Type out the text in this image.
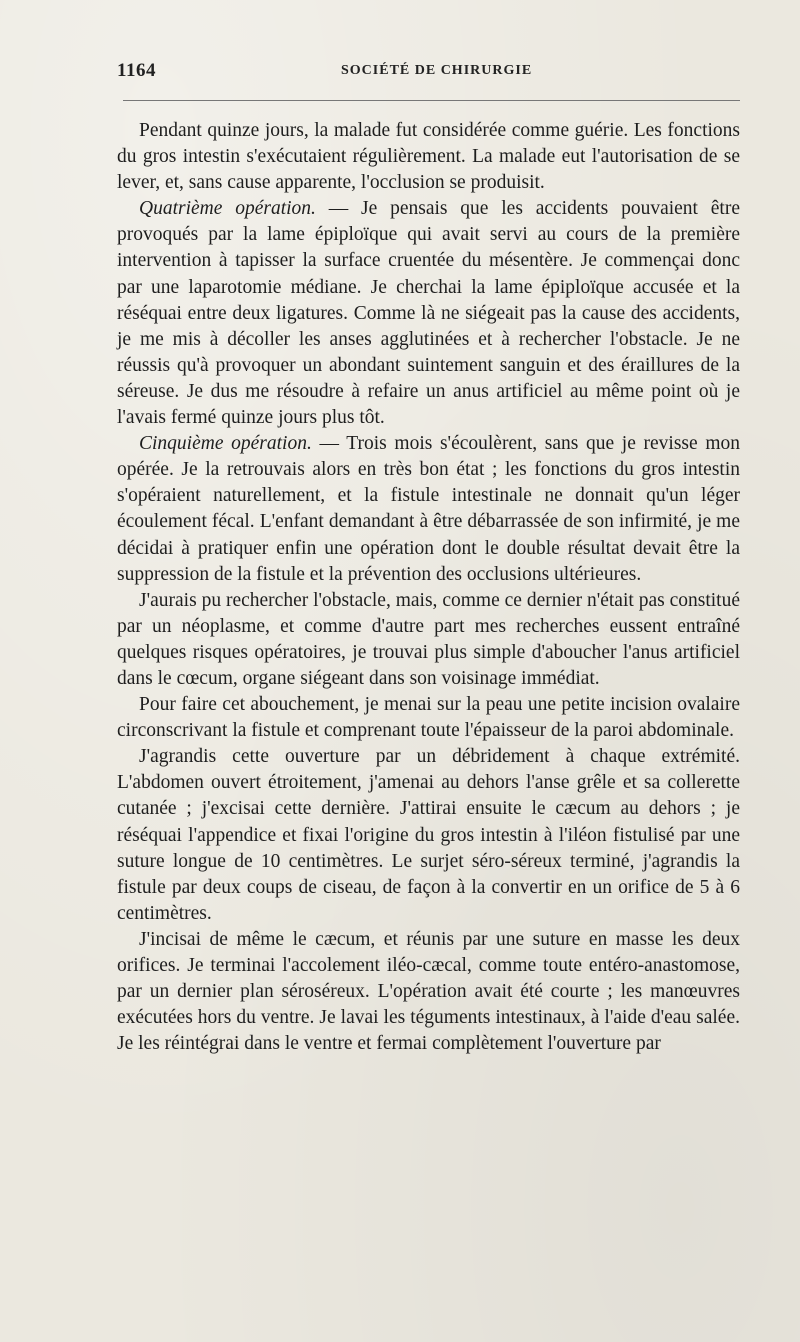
1164	SOCIÉTÉ DE CHIRURGIE

Pendant quinze jours, la malade fut considérée comme guérie. Les fonctions du gros intestin s'exécutaient régulièrement. La malade eut l'autorisation de se lever, et, sans cause apparente, l'occlusion se produisit.

Quatrième opération. — Je pensais que les accidents pouvaient être provoqués par la lame épiploïque qui avait servi au cours de la première intervention à tapisser la surface cruentée du mésentère. Je commençai donc par une laparotomie médiane. Je cherchai la lame épiploïque accusée et la réséquai entre deux ligatures. Comme là ne siégeait pas la cause des accidents, je me mis à décoller les anses agglutinées et à rechercher l'obstacle. Je ne réussis qu'à provoquer un abondant suintement sanguin et des éraillures de la séreuse. Je dus me résoudre à refaire un anus artificiel au même point où je l'avais fermé quinze jours plus tôt.

Cinquième opération. — Trois mois s'écoulèrent, sans que je revisse mon opérée. Je la retrouvais alors en très bon état ; les fonctions du gros intestin s'opéraient naturellement, et la fistule intestinale ne donnait qu'un léger écoulement fécal. L'enfant demandant à être débarrassée de son infirmité, je me décidai à pratiquer enfin une opération dont le double résultat devait être la suppression de la fistule et la prévention des occlusions ultérieures.

J'aurais pu rechercher l'obstacle, mais, comme ce dernier n'était pas constitué par un néoplasme, et comme d'autre part mes recherches eussent entraîné quelques risques opératoires, je trouvai plus simple d'aboucher l'anus artificiel dans le cœcum, organe siégeant dans son voisinage immédiat.

Pour faire cet abouchement, je menai sur la peau une petite incision ovalaire circonscrivant la fistule et comprenant toute l'épaisseur de la paroi abdominale.

J'agrandis cette ouverture par un débridement à chaque extrémité. L'abdomen ouvert étroitement, j'amenai au dehors l'anse grêle et sa collerette cutanée ; j'excisai cette dernière. J'attirai ensuite le cæcum au dehors ; je réséquai l'appendice et fixai l'origine du gros intestin à l'iléon fistulisé par une suture longue de 10 centimètres. Le surjet séro-séreux terminé, j'agrandis la fistule par deux coups de ciseau, de façon à la convertir en un orifice de 5 à 6 centimètres.

J'incisai de même le cæcum, et réunis par une suture en masse les deux orifices. Je terminai l'accolement iléo-cæcal, comme toute entéro-anastomose, par un dernier plan séroséreux. L'opération avait été courte ; les manœuvres exécutées hors du ventre. Je lavai les téguments intestinaux, à l'aide d'eau salée. Je les réintégrai dans le ventre et fermai complètement l'ouverture par
